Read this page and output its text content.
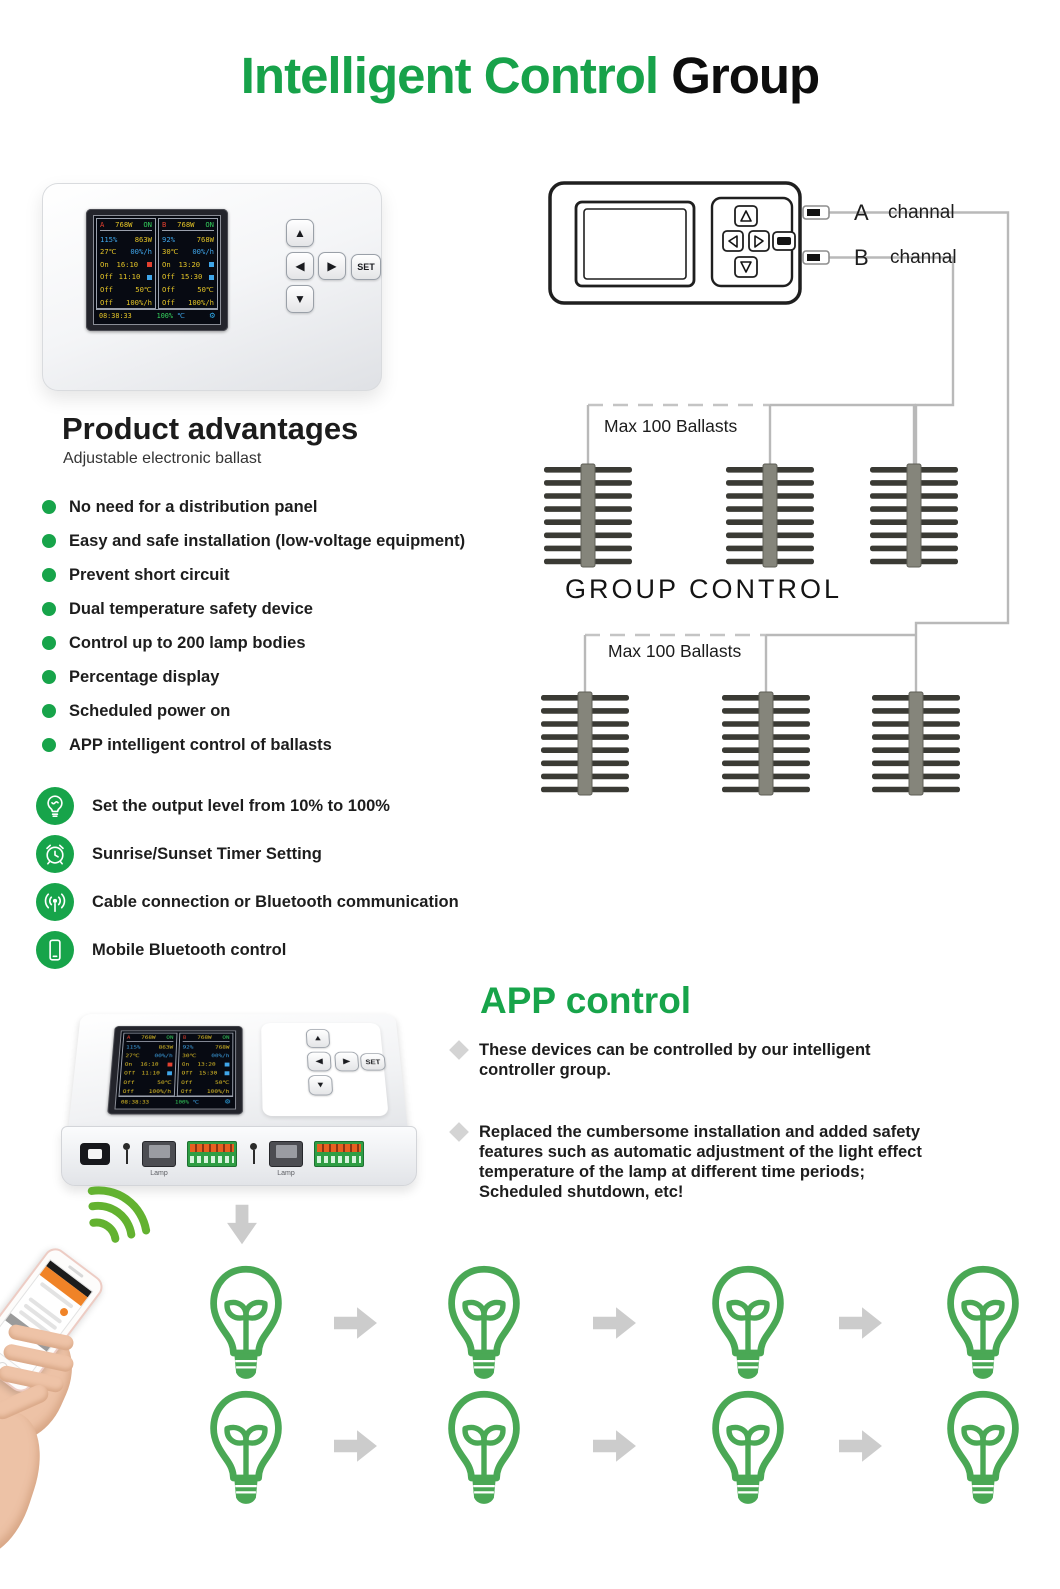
Intelligent Control Group
A 768W ON
115% 863W
27℃ 00%/h
On 16:10
Off 11:10
Off	50℃
Off 100%/h
B 768W ON
92%	768W
30℃ 00%/h
On 13:20
Off 15:30
Off	50℃
Off 100%/h
08:38:33	100% ℃	⚙
▲
◀	▶	SET
▼
Product advantages
Adjustable electronic ballast
No need for a distribution panel
Easy and safe installation (low-voltage equipment)
Prevent short circuit
Dual temperature safety device
Control up to 200 lamp bodies
Percentage display
Scheduled power on
APP intelligent control of ballasts
Set the output level from 10% to 100%
Sunrise/Sunset Timer Setting
Cable connection or Bluetooth communication
Mobile Bluetooth control
A channal
B channal
Max 100 Ballasts
GROUP CONTROL
Max 100 Ballasts
A 768W ON
115%	863W
27℃ 00%/h
On 16:10
Off 11:10
Off	50℃
Off 100%/h
B 768W ON
92%	768W
30℃ 00%/h
On 13:20
Off 15:30
Off	50℃
Off 100%/h
08:38:33	100% ℃	⚙
▲
◀	▶	SET
▼
Lamp	Lamp
APP control
These devices can be controlled by our intelligent controller group.
Replaced the cumbersome installation and added safety features such as automatic adjustment of the light effect temperature of the lamp at different time periods; Scheduled shutdown, etc!
